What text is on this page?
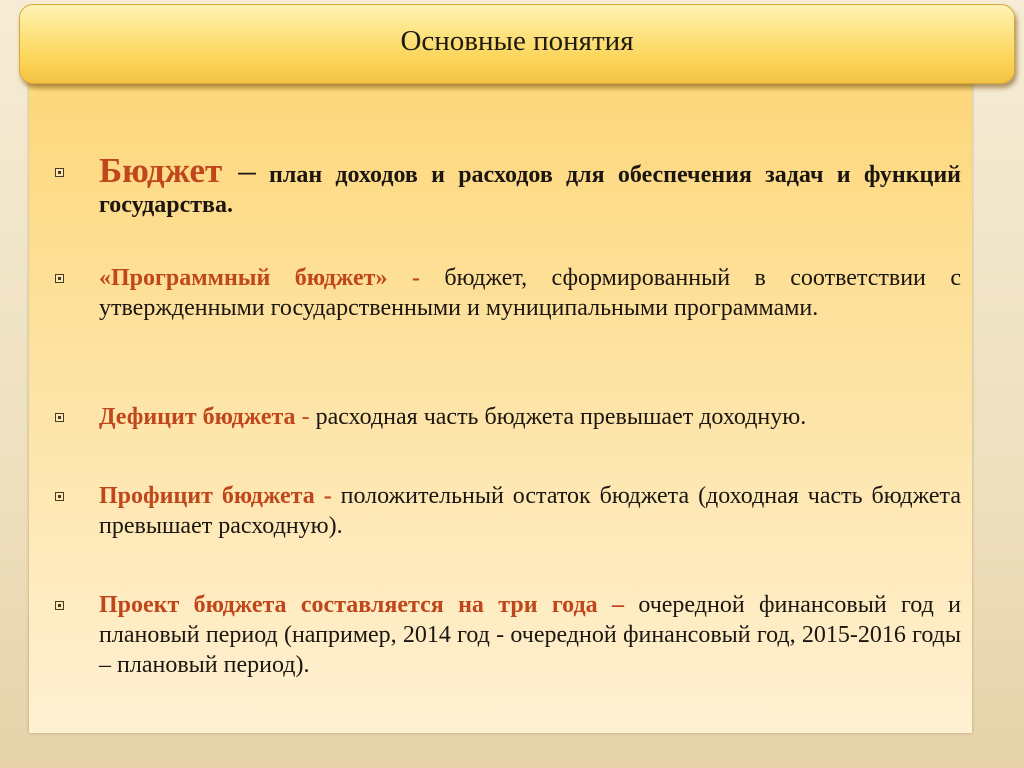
Основные понятия
Бюджет – план доходов и расходов для обеспечения задач и функций государства.
«Программный бюджет» - бюджет, сформированный в соответствии с утвержденными государственными и муниципальными программами.
Дефицит бюджета - расходная часть бюджета превышает доходную.
Профицит бюджета - положительный остаток бюджета (доходная часть бюджета превышает расходную).
Проект бюджета составляется на три года – очередной финансовый год и плановый период (например, 2014 год - очередной финансовый год, 2015-2016 годы – плановый период).
